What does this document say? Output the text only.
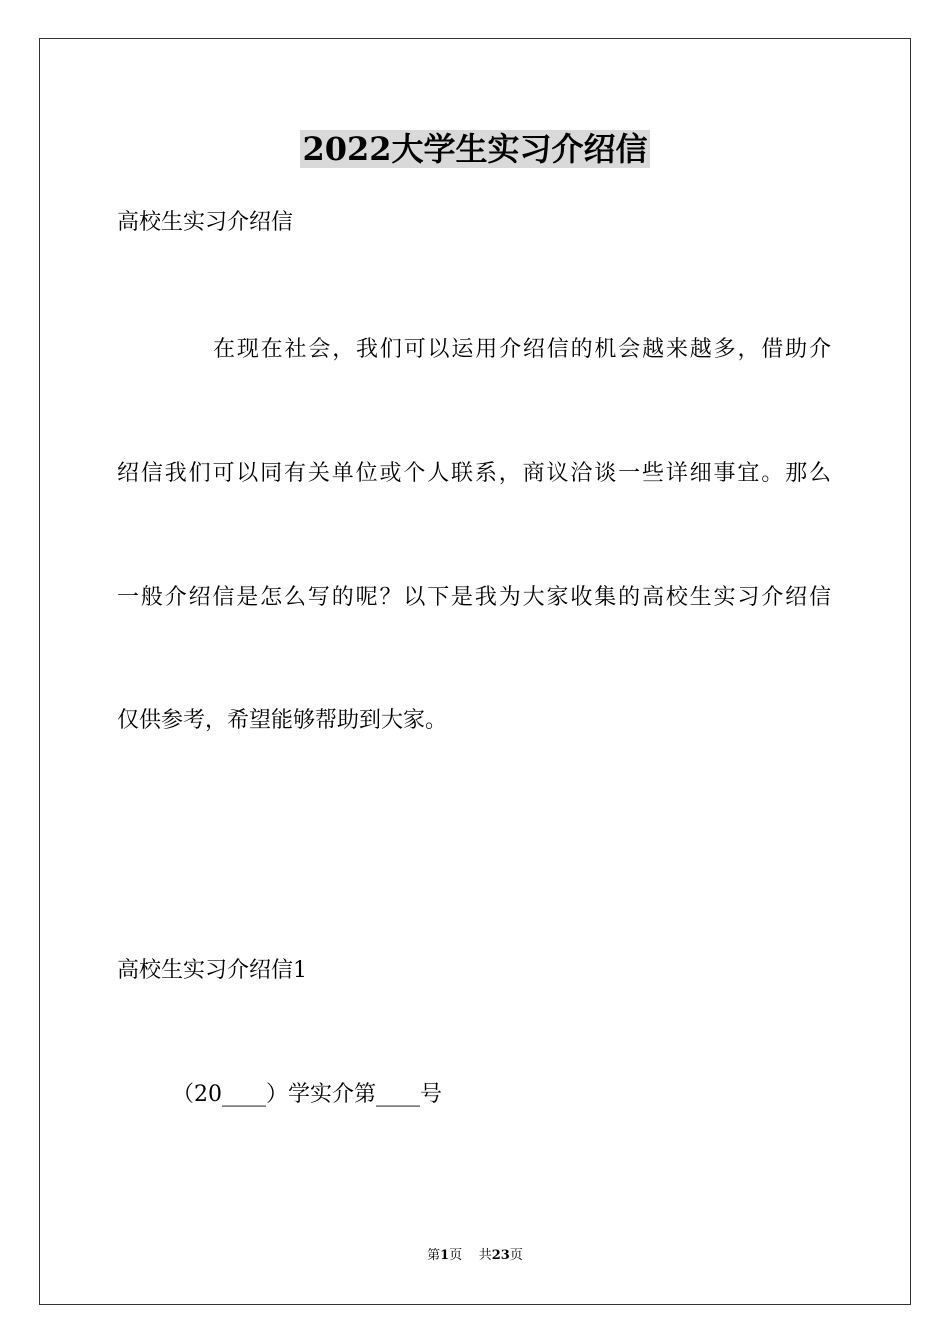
2022大学生实习介绍信
高校生实习介绍信
在现在社会，我们可以运用介绍信的机会越来越多，借助介
绍信我们可以同有关单位或个人联系，商议洽谈一些详细事宜。那么
一般介绍信是怎么写的呢？以下是我为大家收集的高校生实习介绍信
仅供参考，希望能够帮助到大家。
高校生实习介绍信1
（20____）学实介第____号
第1页 共23页
